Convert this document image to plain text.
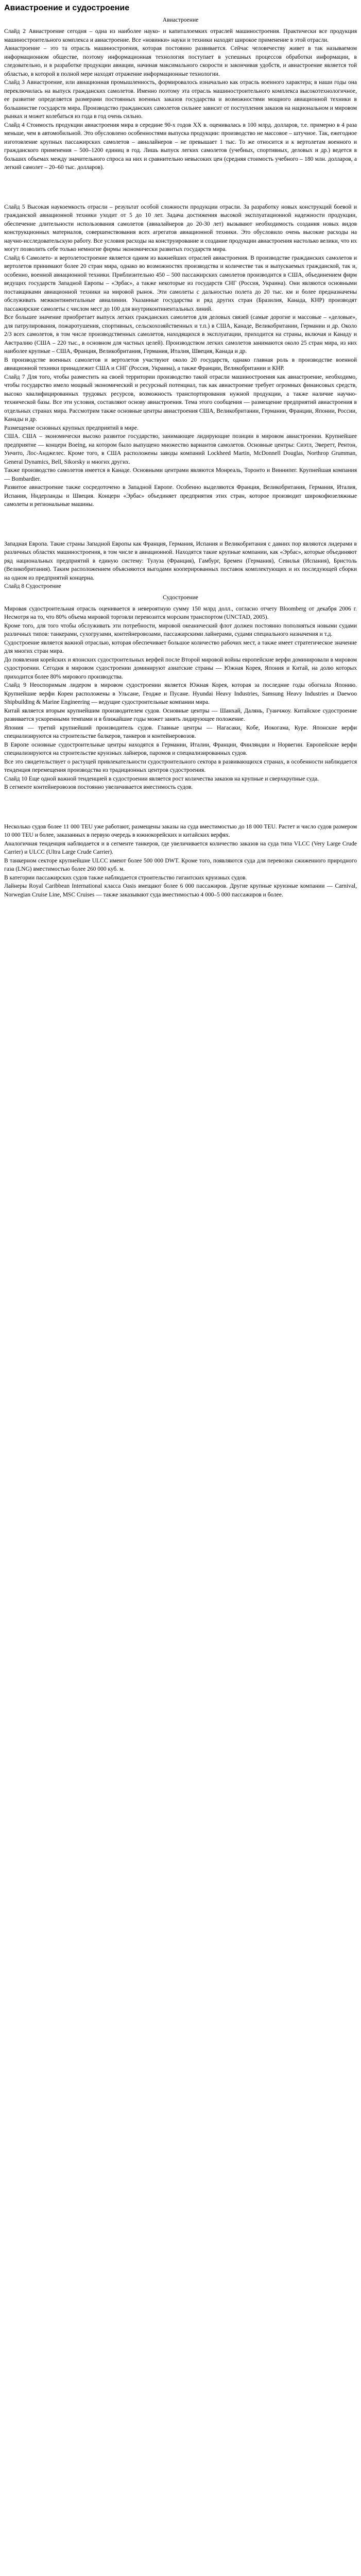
Авиастроение и судостроение
Авиастроение
Слайд 2 Авиастроение сегодня – одна из наиболее науко- и капиталоемких отраслей машиностроения. Практически все продукция машиностроительного комплекса и авиастроение. Все «новинки» науки и техники находят широкое применение в этой отрасли.
Авиастроение – это та отрасль машиностроения, которая постоянно развивается. Сейчас человечеству живет в так называемом информационном обществе, поэтому информационная технология поступает в успешных процессов обработки информации, в следовательно, и в разработке продукции авиации, начиная максимального скорости и закончивая удобств, и авиастроение является той областью, в которой в полной мере находят отражение информационные технологии.
Слайд 3 Авиастроение, или авиационная промышленность, формировалось изначально как отрасль военного характера; в наши годы она переключилась на выпуск гражданских самолетов. Именно поэтому эта отрасль машиностроительного комплекса высокотехнологичное, ее развитие определяется размерами постоянных военных заказов государства и возможностями мощного авиационной техники в большинстве государств мира. Производство гражданских самолетов сильнее зависит от поступления заказов на национальном и мировом рынках и может колебаться из года в год очень сильно.
Слайд 4 Стоимость продукции авиастроения мира в середине 90-х годов XX в. оценивалась в 100 млрд. долларов, т.е. примерно в 4 раза меньше, чем в автомобильной. Это обусловлено особенностями выпуска продукции: производство не массовое – штучное. Так, ежегодное изготовление крупных пассажирских самолетов – авиалайнеров – не превышает 1 тыс. То же относится и к вертолетам военного и гражданского применения – 500–1200 единиц в год. Лишь выпуск легких самолетов (учебных, спортивных, деловых и др.) ведется в больших объемах между значительного спроса на них и сравнительно невысоких цен (средняя стоимость учебного – 180 млн. долларов, а легкий самолет – 20–60 тыс. долларов).
Слайд 5 Высокая наукоемкость отрасли – результат особой сложности продукции отрасли. За разработку новых конструкций боевой и гражданской авиационной техники уходит от 5 до 10 лет. Задача достижения высокой эксплуатационной надежности продукции, обеспечение длительности использования самолетов (авиалайнеров до 20-30 лет) вызывают необходимость создания новых видов конструкционных материалов, совершенствования всех агрегатов авиационной техники. Это обусловило очень высокие расходы на научно-исследовательскую работу. Все условия расходы на конструирование и создание продукции авиастроения настолько велики, что их могут позволить себе только немногие фирмы экономически развитых государств мира.
Слайд 6 Самолето- и вертолетостроение является одним из важнейших отраслей авиастроения. В производстве гражданских самолетов и вертолетов принимают более 20 стран мира, однако во возможностях производства и количестве так и выпускаемых гражданской, так и, особенно, военной авиационной техники. Приблизительно 450 – 500 пассажирских самолетов производится в США, объединением фирм ведущих государств Западной Европы – «Эрбас», а также некоторые из государств СНГ (Россия, Украина). Они являются основными поставщиками авиационной техники на мировой рынок. Эти самолеты с дальностью полета до 20 тыс. км и более предназначены обслуживать межконтинентальные авиалинии. Указанные государства и ряд других стран (Бразилия, Канада, КНР) производят пассажирские самолеты с числом мест до 100 для внутриконтинентальных линий.
Все большее значение приобретает выпуск легких гражданских самолетов для деловых связей (самые дорогие и массовые – «деловые», для патрулирования, пожаротушения, спортивных, сельскохозяйственных и т.п.) в США, Канаде, Великобритании, Германии и др. Около 2/3 всех самолетов, в том числе производственных самолетов, находящихся в эксплуатации, приходится на страны, включая и Канаду и Австралию (США – 220 тыс., в основном для частных целей). Производством легких самолетов занимаются около 25 стран мира, из них наиболее крупные – США, Франция, Великобритания, Германия, Италия, Швеция, Канада и др.
В производстве военных самолетов и вертолетов участвуют около 20 государств, однако главная роль в производстве военной авиационной техники принадлежит США и СНГ (Россия, Украина), а также Франции, Великобритании и КНР.
Слайд 7 Для того, чтобы разместить на своей территории производство такой отрасли машиностроения как авиастроение, необходимо, чтобы государство имело мощный экономический и ресурсный потенциал, так как авиастроение требует огромных финансовых средств, высоко квалифицированных трудовых ресурсов, возможность транспортирования нужной продукции, а также наличие научно-технической базы. Все эти условия, составляют основу авиастроения. Тема этого сообщения — размещение предприятий авиастроения в отдельных странах мира. Рассмотрим также основные центры авиастроения США, Великобритании, Германии, Франции, Японии, России, Канады и др.
Размещение основных крупных предприятий в мире.
США. США – экономически высоко развитое государство, занимающее лидирующие позиции в мировом авиастроении. Крупнейшее предприятие — концерн Boeing, на котором было выпущено множество вариантов самолетов. Основные центры: Сиэтл, Эверетт, Рентон, Уичито, Лос-Анджелес. Кроме того, в США расположены заводы компаний Lockheed Martin, McDonnell Douglas, Northrop Grumman, General Dynamics, Bell, Sikorsky и многих других.
Также производство самолетов имеется в Канаде. Основными центрами являются Монреаль, Торонто и Виннипег. Крупнейшая компания — Bombardier.
Развитое авиастроение также сосредоточено в Западной Европе. Особенно выделяются Франция, Великобритания, Германия, Италия, Испания, Нидерланды и Швеция. Концерн «Эрбас» объединяет предприятия этих стран, которое производит широкофюзеляжные самолеты и региональные машины.
Западная Европа. Такие страны Западной Европы как Франция, Германия, Испания и Великобритания с давних пор являются лидерами в различных областях машиностроения, в том числе в авиационной. Находятся такие крупные компании, как «Эрбас», которые объединяют ряд национальных предприятий в единую систему: Тулуза (Франция), Гамбург, Бремен (Германия), Севилья (Испания), Бристоль (Великобритания). Таким расположением объясняются выгодами кооперированных поставок комплектующих и их последующей сборки на одном из предприятий концерна.
Слайд 8 Судостроение
Судостроение
Мировая судостроительная отрасль оценивается в невероятную сумму 150 млрд долл., согласно отчету Bloomberg от декабря 2006 г. Несмотря на то, что 80% объема мировой торговли перевозится морским транспортом (UNCTAD, 2005).
Кроме того, для того чтобы обслуживать эти потребности, мировой океанический флот должен постоянно пополняться новыми судами различных типов: танкерами, сухогрузами, контейнеровозами, пассажирскими лайнерами, судами специального назначения и т.д.
Судостроение является важной отраслью, которая обеспечивает большое количество рабочих мест, а также имеет стратегическое значение для многих стран мира.
До появления корейских и японских судостроительных верфей после Второй мировой войны европейские верфи доминировали в мировом судостроении. Сегодня в мировом судостроении доминируют азиатские страны — Южная Корея, Япония и Китай, на долю которых приходится более 80% мирового производства.
Слайд 9 Неоспоримым лидером в мировом судостроении является Южная Корея, которая за последние годы обогнала Японию. Крупнейшие верфи Кореи расположены в Ульсане, Геодже и Пусане. Hyundai Heavy Industries, Samsung Heavy Industries и Daewoo Shipbuilding & Marine Engineering — ведущие судостроительные компании мира.
Китай является вторым крупнейшим производителем судов. Основные центры — Шанхай, Далянь, Гуанчжоу. Китайское судостроение развивается ускоренными темпами и в ближайшие годы может занять лидирующее положение.
Япония — третий крупнейший производитель судов. Главные центры — Нагасаки, Кобе, Иокогама, Куре. Японские верфи специализируются на строительстве балкеров, танкеров и контейнеровозов.
В Европе основные судостроительные центры находятся в Германии, Италии, Франции, Финляндии и Норвегии. Европейские верфи специализируются на строительстве круизных лайнеров, паромов и специализированных судов.
Все это свидетельствует о растущей привлекательности судостроительного сектора в развивающихся странах, в особенности наблюдается тенденция перемещения производства из традиционных центров судостроения.
Слайд 10 Еще одной важной тенденцией в судостроении является рост количества заказов на крупные и сверхкрупные суда.
В сегменте контейнеровозов постоянно увеличивается вместимость судов.
Несколько судов более 11 000 TEU уже работают, размещены заказы на суда вместимостью до 18 000 TEU. Растет и число судов размером 10 000 TEU и более, заказанных в первую очередь в южнокорейских и китайских верфях.
Аналогичная тенденция наблюдается и в сегменте танкеров, где увеличивается количество заказов на суда типа VLCC (Very Large Crude Carrier) и ULCC (Ultra Large Crude Carrier).
В танкерном секторе крупнейшие ULCC имеют более 500 000 DWT. Кроме того, появляются суда для перевозки сжиженного природного газа (LNG) вместимостью более 260 000 куб. м.
В категории пассажирских судов также наблюдается строительство гигантских круизных судов.
Лайнеры Royal Caribbean International класса Oasis вмещают более 6 000 пассажиров. Другие крупные круизные компании — Carnival, Norwegian Cruise Line, MSC Cruises — также заказывают суда вместимостью 4 000–5 000 пассажиров и более.
